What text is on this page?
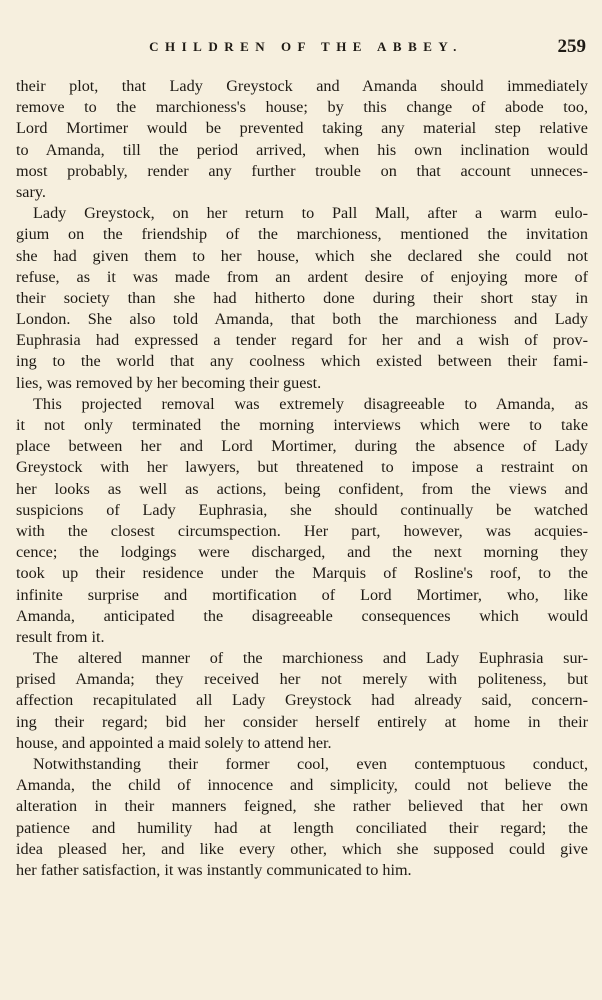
CHILDREN OF THE ABBEY.	259
their plot, that Lady Greystock and Amanda should immediately
remove to the marchioness's house; by this change of abode too,
Lord Mortimer would be prevented taking any material step relative
to Amanda, till the period arrived, when his own inclination would
most probably, render any further trouble on that account unneces-
sary.
Lady Greystock, on her return to Pall Mall, after a warm eulo-
gium on the friendship of the marchioness, mentioned the invitation
she had given them to her house, which she declared she could not
refuse, as it was made from an ardent desire of enjoying more of
their society than she had hitherto done during their short stay in
London. She also told Amanda, that both the marchioness and Lady
Euphrasia had expressed a tender regard for her and a wish of prov-
ing to the world that any coolness which existed between their fami-
lies, was removed by her becoming their guest.
This projected removal was extremely disagreeable to Amanda, as
it not only terminated the morning interviews which were to take
place between her and Lord Mortimer, during the absence of Lady
Greystock with her lawyers, but threatened to impose a restraint on
her looks as well as actions, being confident, from the views and
suspicions of Lady Euphrasia, she should continually be watched
with the closest circumspection. Her part, however, was acquies-
cence; the lodgings were discharged, and the next morning they
took up their residence under the Marquis of Rosline's roof, to the
infinite surprise and mortification of Lord Mortimer, who, like
Amanda, anticipated the disagreeable consequences which would
result from it.
The altered manner of the marchioness and Lady Euphrasia sur-
prised Amanda; they received her not merely with politeness, but
affection recapitulated all Lady Greystock had already said, concern-
ing their regard; bid her consider herself entirely at home in their
house, and appointed a maid solely to attend her.
Notwithstanding their former cool, even contemptuous conduct,
Amanda, the child of innocence and simplicity, could not believe the
alteration in their manners feigned, she rather believed that her own
patience and humility had at length conciliated their regard; the
idea pleased her, and like every other, which she supposed could give
her father satisfaction, it was instantly communicated to him.
